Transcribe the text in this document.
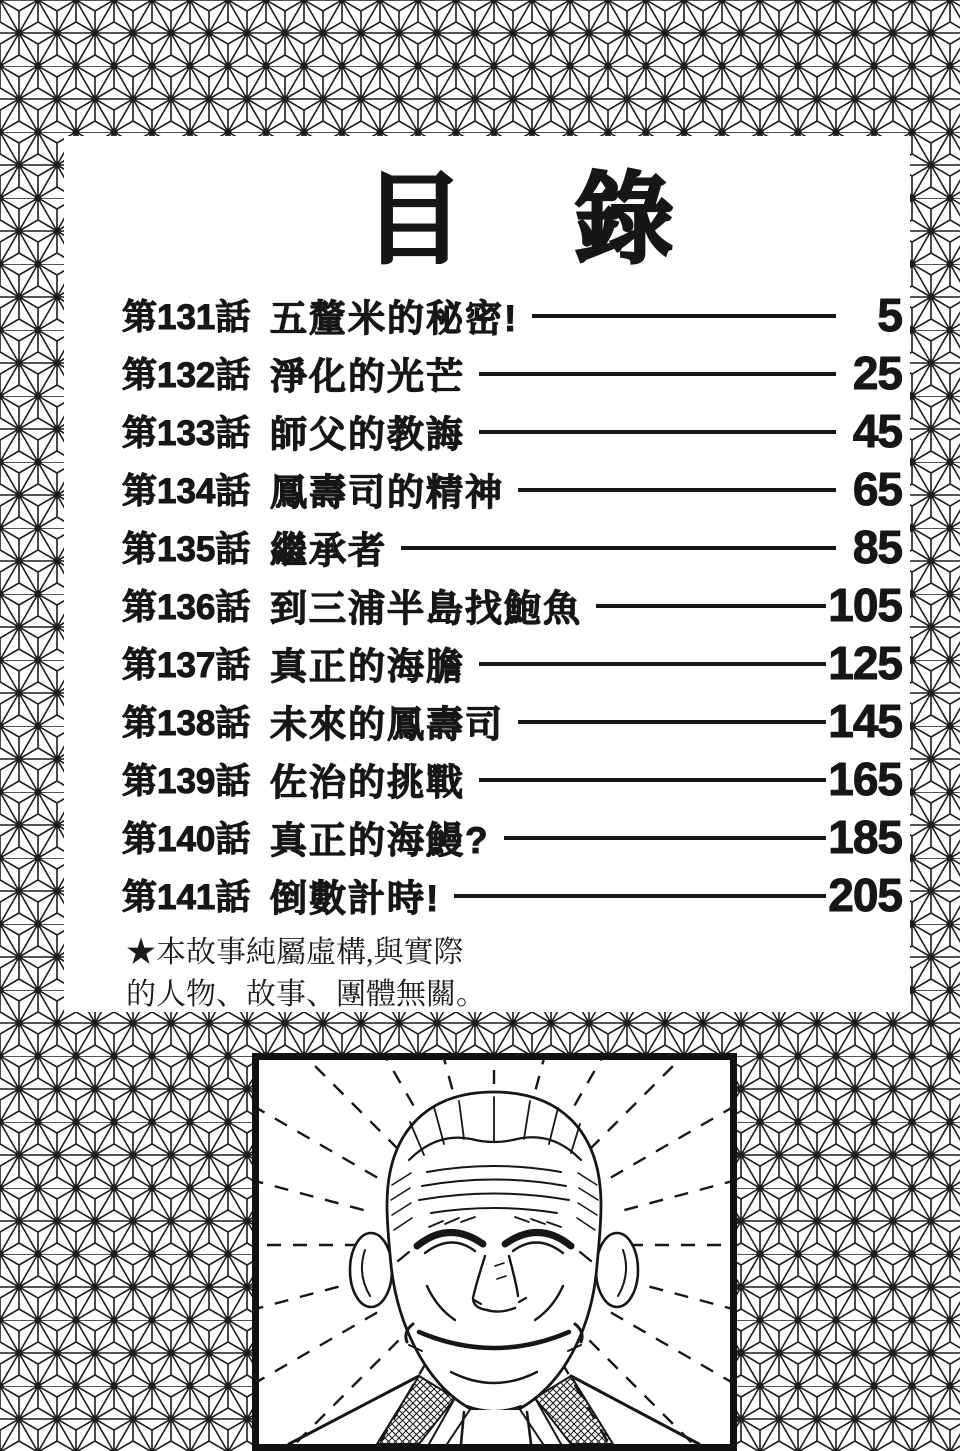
目錄
第131話 五釐米的秘密!	5
第132話 淨化的光芒	25
第133話 師父的教誨	45
第134話 鳳壽司的精神	65
第135話 繼承者	85
第136話 到三浦半島找鮑魚	105
第137話 真正的海膽	125
第138話 未來的鳳壽司	145
第139話 佐治的挑戰	165
第140話 真正的海鰻?	185
第141話 倒數計時!	205
★本故事純屬虛構,與實際
的人物、故事、團體無關。
